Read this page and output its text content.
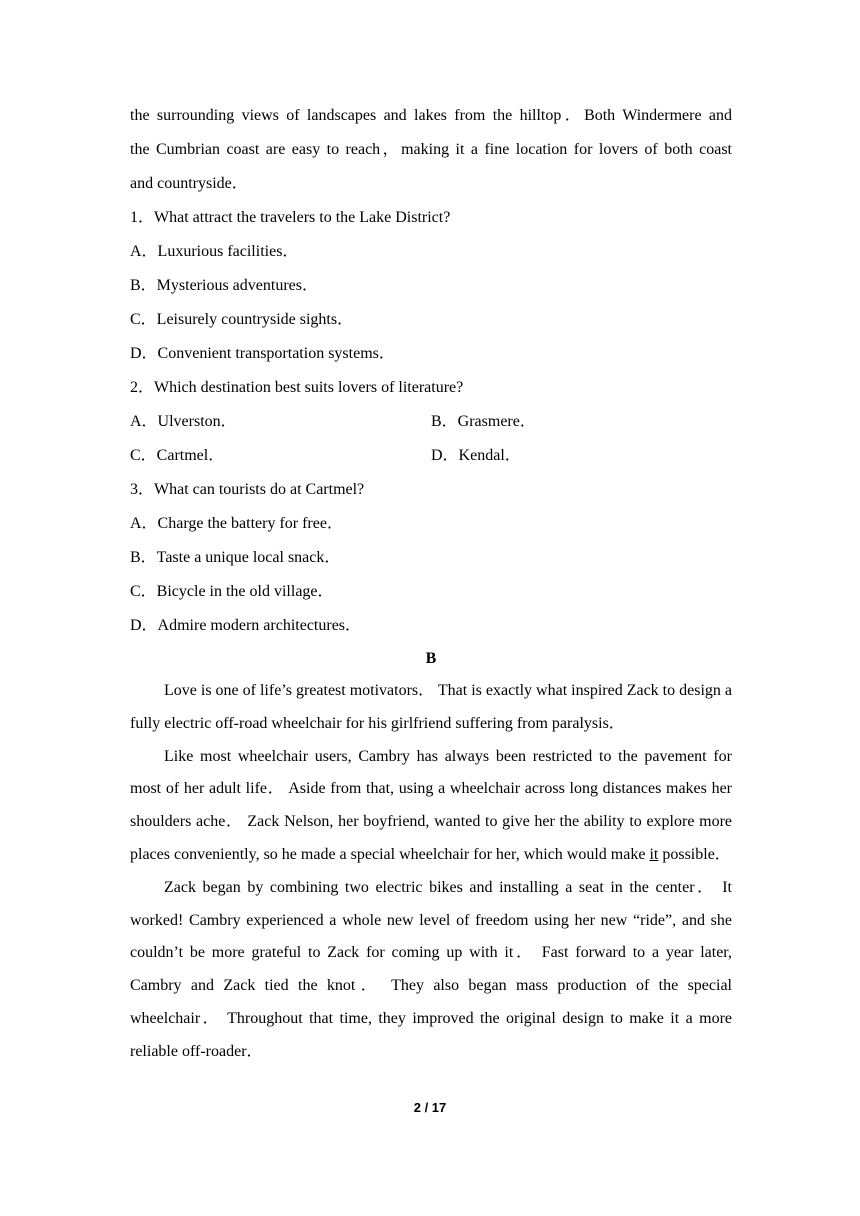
the surrounding views of landscapes and lakes from the hilltop．Both Windermere and
the Cumbrian coast are easy to reach，making it a fine location for lovers of both coast
and countryside．
1．What attract the travelers to the Lake District?
A．Luxurious facilities．
B．Mysterious adventures．
C．Leisurely countryside sights．
D．Convenient transportation systems．
2．Which destination best suits lovers of literature?
A．Ulverston．	B．Grasmere．
C．Cartmel．	D．Kendal．
3．What can tourists do at Cartmel?
A．Charge the battery for free．
B．Taste a unique local snack．
C．Bicycle in the old village．
D．Admire modern architectures．
B

Love is one of life’s greatest motivators． That is exactly what inspired Zack to design a fully electric off-road wheelchair for his girlfriend suffering from paralysis．

Like most wheelchair users, Cambry has always been restricted to the pavement for most of her adult life． Aside from that, using a wheelchair across long distances makes her shoulders ache． Zack Nelson, her boyfriend, wanted to give her the ability to explore more places conveniently, so he made a special wheelchair for her, which would make it possible．

Zack began by combining two electric bikes and installing a seat in the center． It worked! Cambry experienced a whole new level of freedom using her new “ride”, and she couldn’t be more grateful to Zack for coming up with it． Fast forward to a year later, Cambry and Zack tied the knot． They also began mass production of the special wheelchair． Throughout that time, they improved the original design to make it a more reliable off-roader．

2 / 17
